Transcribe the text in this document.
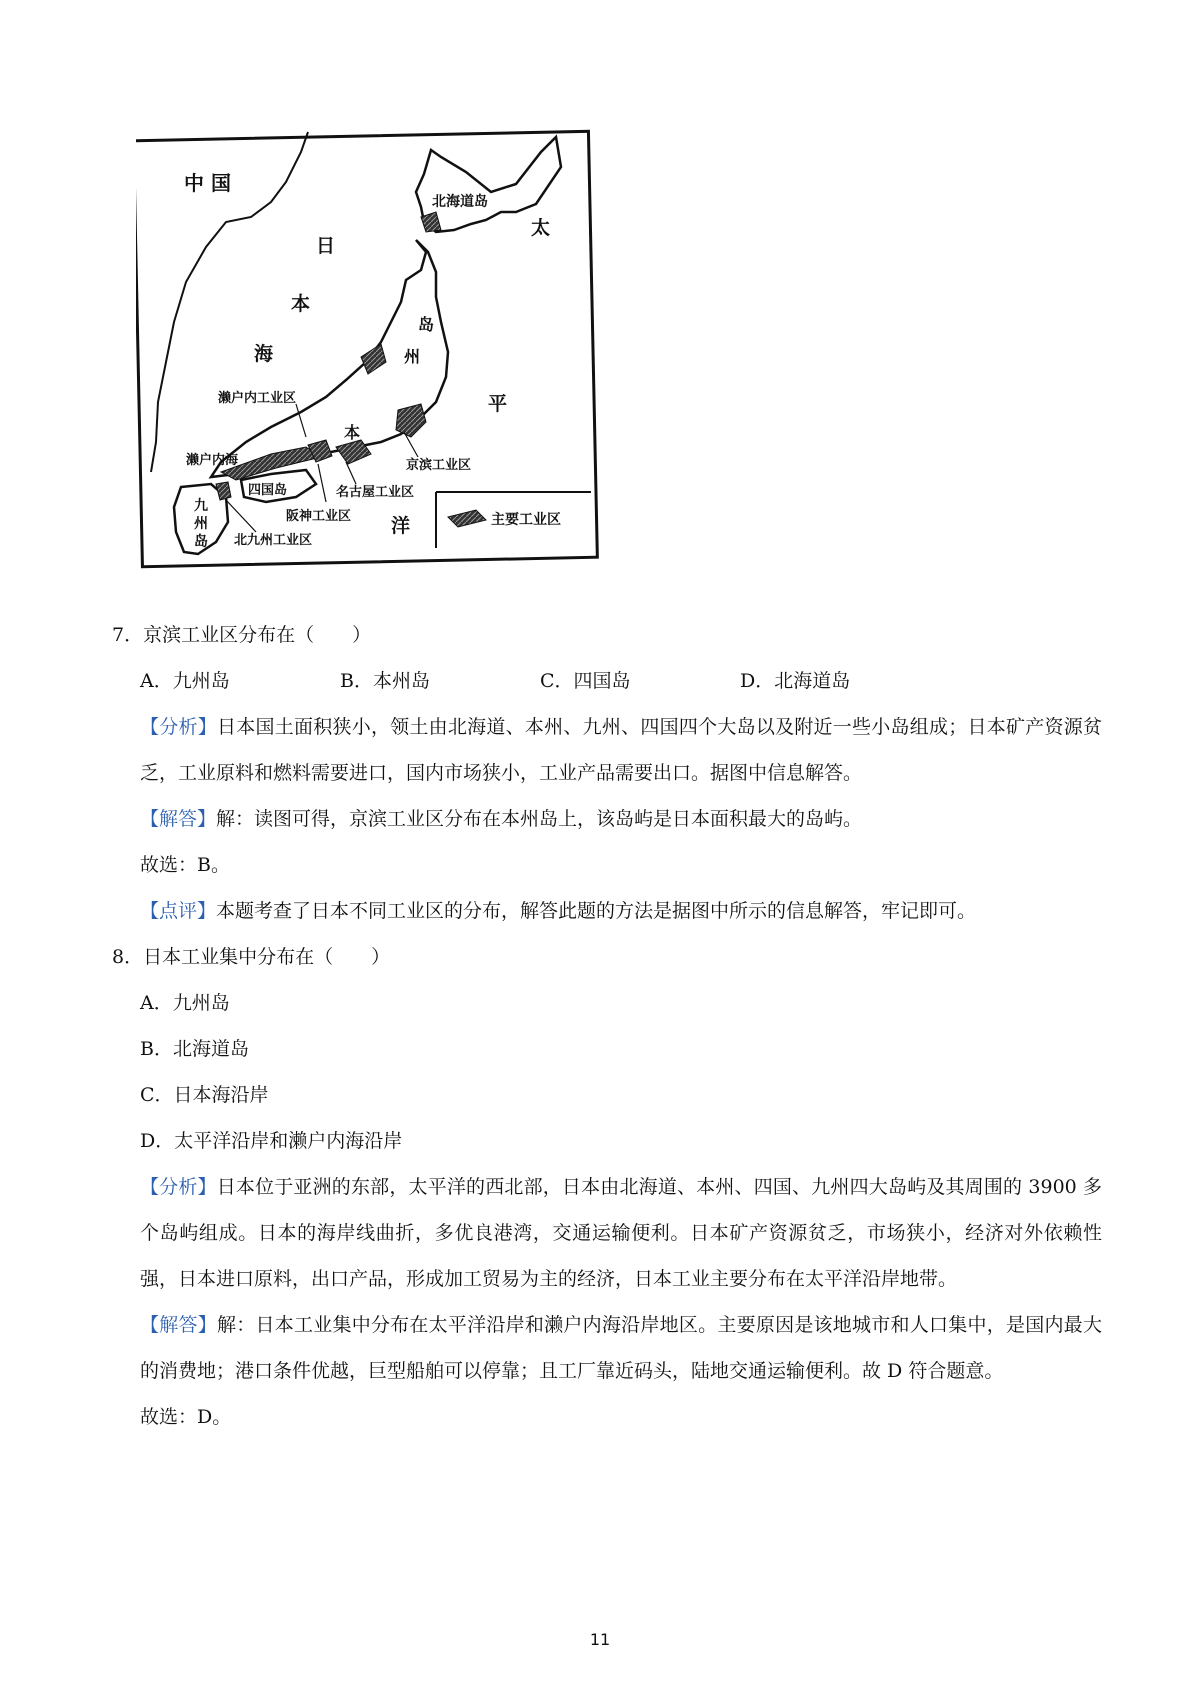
中 国
日
本
海
太
平
洋
北海道岛
岛
州
本
九
州
岛
四国岛
濑户内海
濑户内工业区
京滨工业区
名古屋工业区
阪神工业区
北九州工业区
主要工业区

7．京滨工业区分布在（　　）

A．九州岛	B．本州岛	C．四国岛	D．北海道岛

【分析】日本国土面积狭小，领土由北海道、本州、九州、四国四个大岛以及附近一些小岛组成；日本矿产资源贫乏，工业原料和燃料需要进口，国内市场狭小，工业产品需要出口。据图中信息解答。

【解答】解：读图可得，京滨工业区分布在本州岛上，该岛屿是日本面积最大的岛屿。

故选：B。

【点评】本题考查了日本不同工业区的分布，解答此题的方法是据图中所示的信息解答，牢记即可。

8．日本工业集中分布在（　　）

A．九州岛

B．北海道岛

C．日本海沿岸

D．太平洋沿岸和濑户内海沿岸

【分析】日本位于亚洲的东部，太平洋的西北部，日本由北海道、本州、四国、九州四大岛屿及其周围的 3900 多个岛屿组成。日本的海岸线曲折，多优良港湾，交通运输便利。日本矿产资源贫乏，市场狭小，经济对外依赖性强，日本进口原料，出口产品，形成加工贸易为主的经济，日本工业主要分布在太平洋沿岸地带。

【解答】解：日本工业集中分布在太平洋沿岸和濑户内海沿岸地区。主要原因是该地城市和人口集中，是国内最大的消费地；港口条件优越，巨型船舶可以停靠；且工厂靠近码头，陆地交通运输便利。故 D 符合题意。

故选：D。

11
